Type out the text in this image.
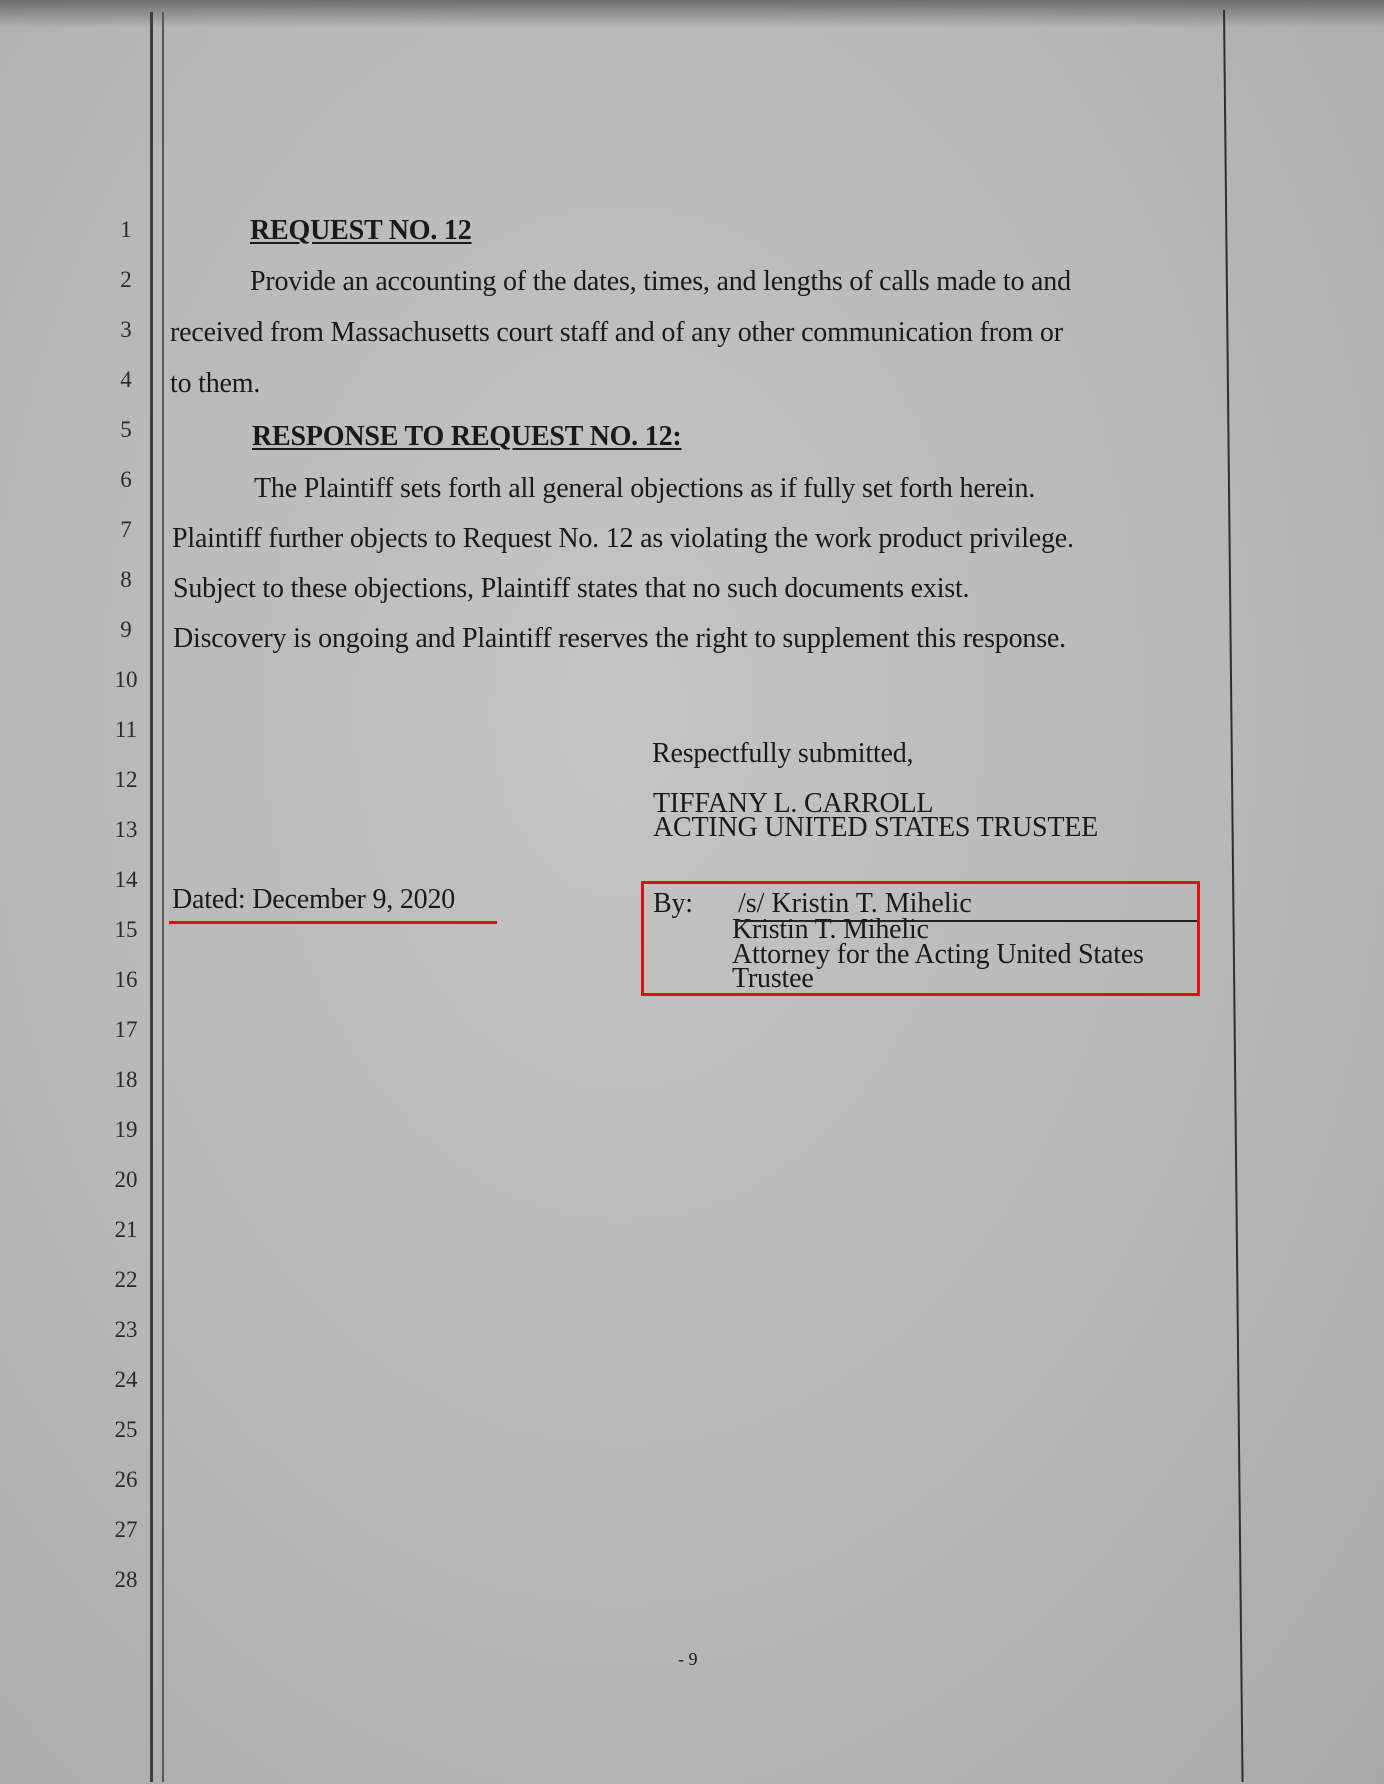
1
2
3
4
5
6
7
8
9
10
11
12
13
14
15
16
17
18
19
20
21
22
23
24
25
26
27
28
REQUEST NO. 12
Provide an accounting of the dates, times, and lengths of calls made to and
received from Massachusetts court staff and of any other communication from or
to them.
RESPONSE TO REQUEST NO. 12:
The Plaintiff sets forth all general objections as if fully set forth herein.
Plaintiff further objects to Request No. 12 as violating the work product privilege.
Subject to these objections, Plaintiff states that no such documents exist.
Discovery is ongoing and Plaintiff reserves the right to supplement this response.
Respectfully submitted,
TIFFANY L. CARROLL
ACTING UNITED STATES TRUSTEE
Dated: December 9, 2020	By: /s/ Kristin T. Mihelic
Kristin T. Mihelic
Attorney for the Acting United States
Trustee
- 9
